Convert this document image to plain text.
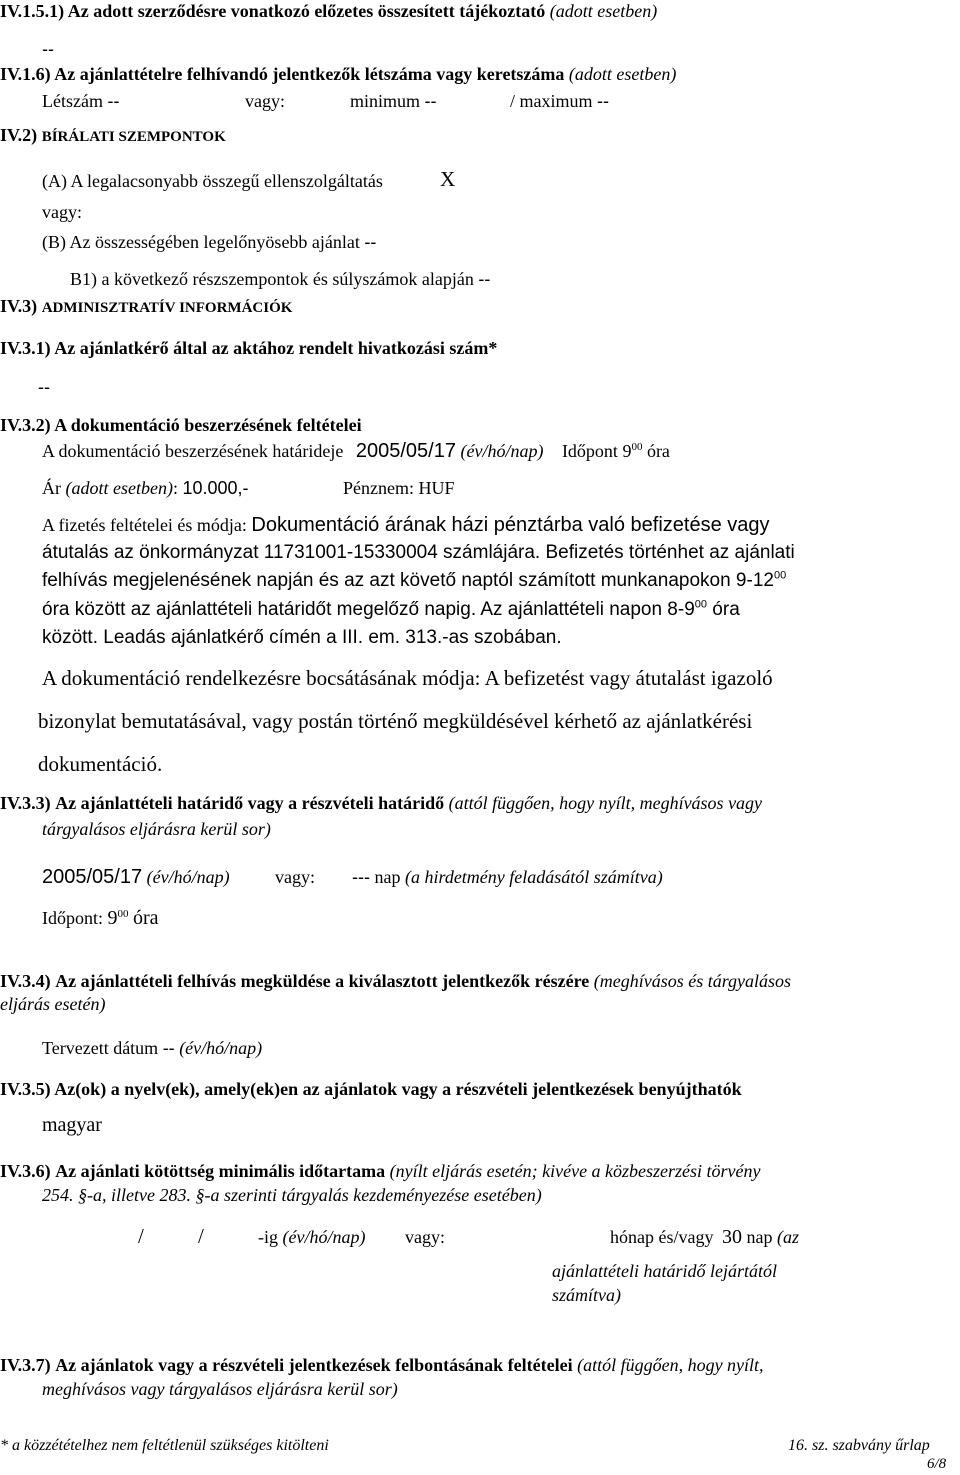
IV.1.5.1) Az adott szerződésre vonatkozó előzetes összesített tájékoztató (adott esetben)
--
IV.1.6) Az ajánlattételre felhívandó jelentkezők létszáma vagy keretszáma (adott esetben)
Létszám --	vagy:	minimum --	/ maximum --
IV.2) BÍRÁLATI SZEMPONTOK
(A) A legalacsonyabb összegű ellenszolgáltatás	X
vagy:
(B) Az összességében legelőnyösebb ajánlat --
B1) a következő részszempontok és súlyszámok alapján --
IV.3) ADMINISZTRATÍV INFORMÁCIÓK
IV.3.1) Az ajánlatkérő által az aktához rendelt hivatkozási szám*
--
IV.3.2) A dokumentáció beszerzésének feltételei
A dokumentáció beszerzésének határideje 2005/05/17 (év/hó/nap) Időpont $9^{00}$ óra
Ár (adott esetben): 10.000,-	Pénznem: HUF
A fizetés feltételei és módja: Dokumentáció árának házi pénztárba való befizetése vagy
átutalás az önkormányzat 11731001-15330004 számlájára. Befizetés történhet az ajánlati
felhívás megjelenésének napján és az azt követő naptól számított munkanapokon $9-12^{00}$
óra között az ajánlattételi határidőt megelőző napig. Az ajánlattételi napon $8-9^{00}$ óra
között. Leadás ajánlatkérő címén a III. em. 313.-as szobában.
A dokumentáció rendelkezésre bocsátásának módja: A befizetést vagy átutalást igazoló
bizonylat bemutatásával, vagy postán történő megküldésével kérhető az ajánlatkérési
dokumentáció.
IV.3.3) Az ajánlattételi határidő vagy a részvételi határidő (attól függően, hogy nyílt, meghívásos vagy
tárgyalásos eljárásra kerül sor)
2005/05/17 (év/hó/nap)	vagy: --- nap (a hirdetmény feladásától számítva)
Időpont: $9^{00}$ óra
IV.3.4) Az ajánlattételi felhívás megküldése a kiválasztott jelentkezők részére (meghívásos és tárgyalásos
eljárás esetén)
Tervezett dátum -- (év/hó/nap)
IV.3.5) Az(ok) a nyelv(ek), amely(ek)en az ajánlatok vagy a részvételi jelentkezések benyújthatók
magyar
IV.3.6) Az ajánlati kötöttség minimális időtartama (nyílt eljárás esetén; kivéve a közbeszerzési törvény
254. §-a, illetve 283. §-a szerinti tárgyalás kezdeményezése esetében)
/	/	-ig (év/hó/nap) vagy:	hónap és/vagy 30 nap (az
ajánlattételi határidő lejártától
számítva)
IV.3.7) Az ajánlatok vagy a részvételi jelentkezések felbontásának feltételei (attól függően, hogy nyílt,
meghívásos vagy tárgyalásos eljárásra kerül sor)
* a közzétételhez nem feltétlenül szükséges kitölteni	16. sz. szabvány űrlap
6/8
